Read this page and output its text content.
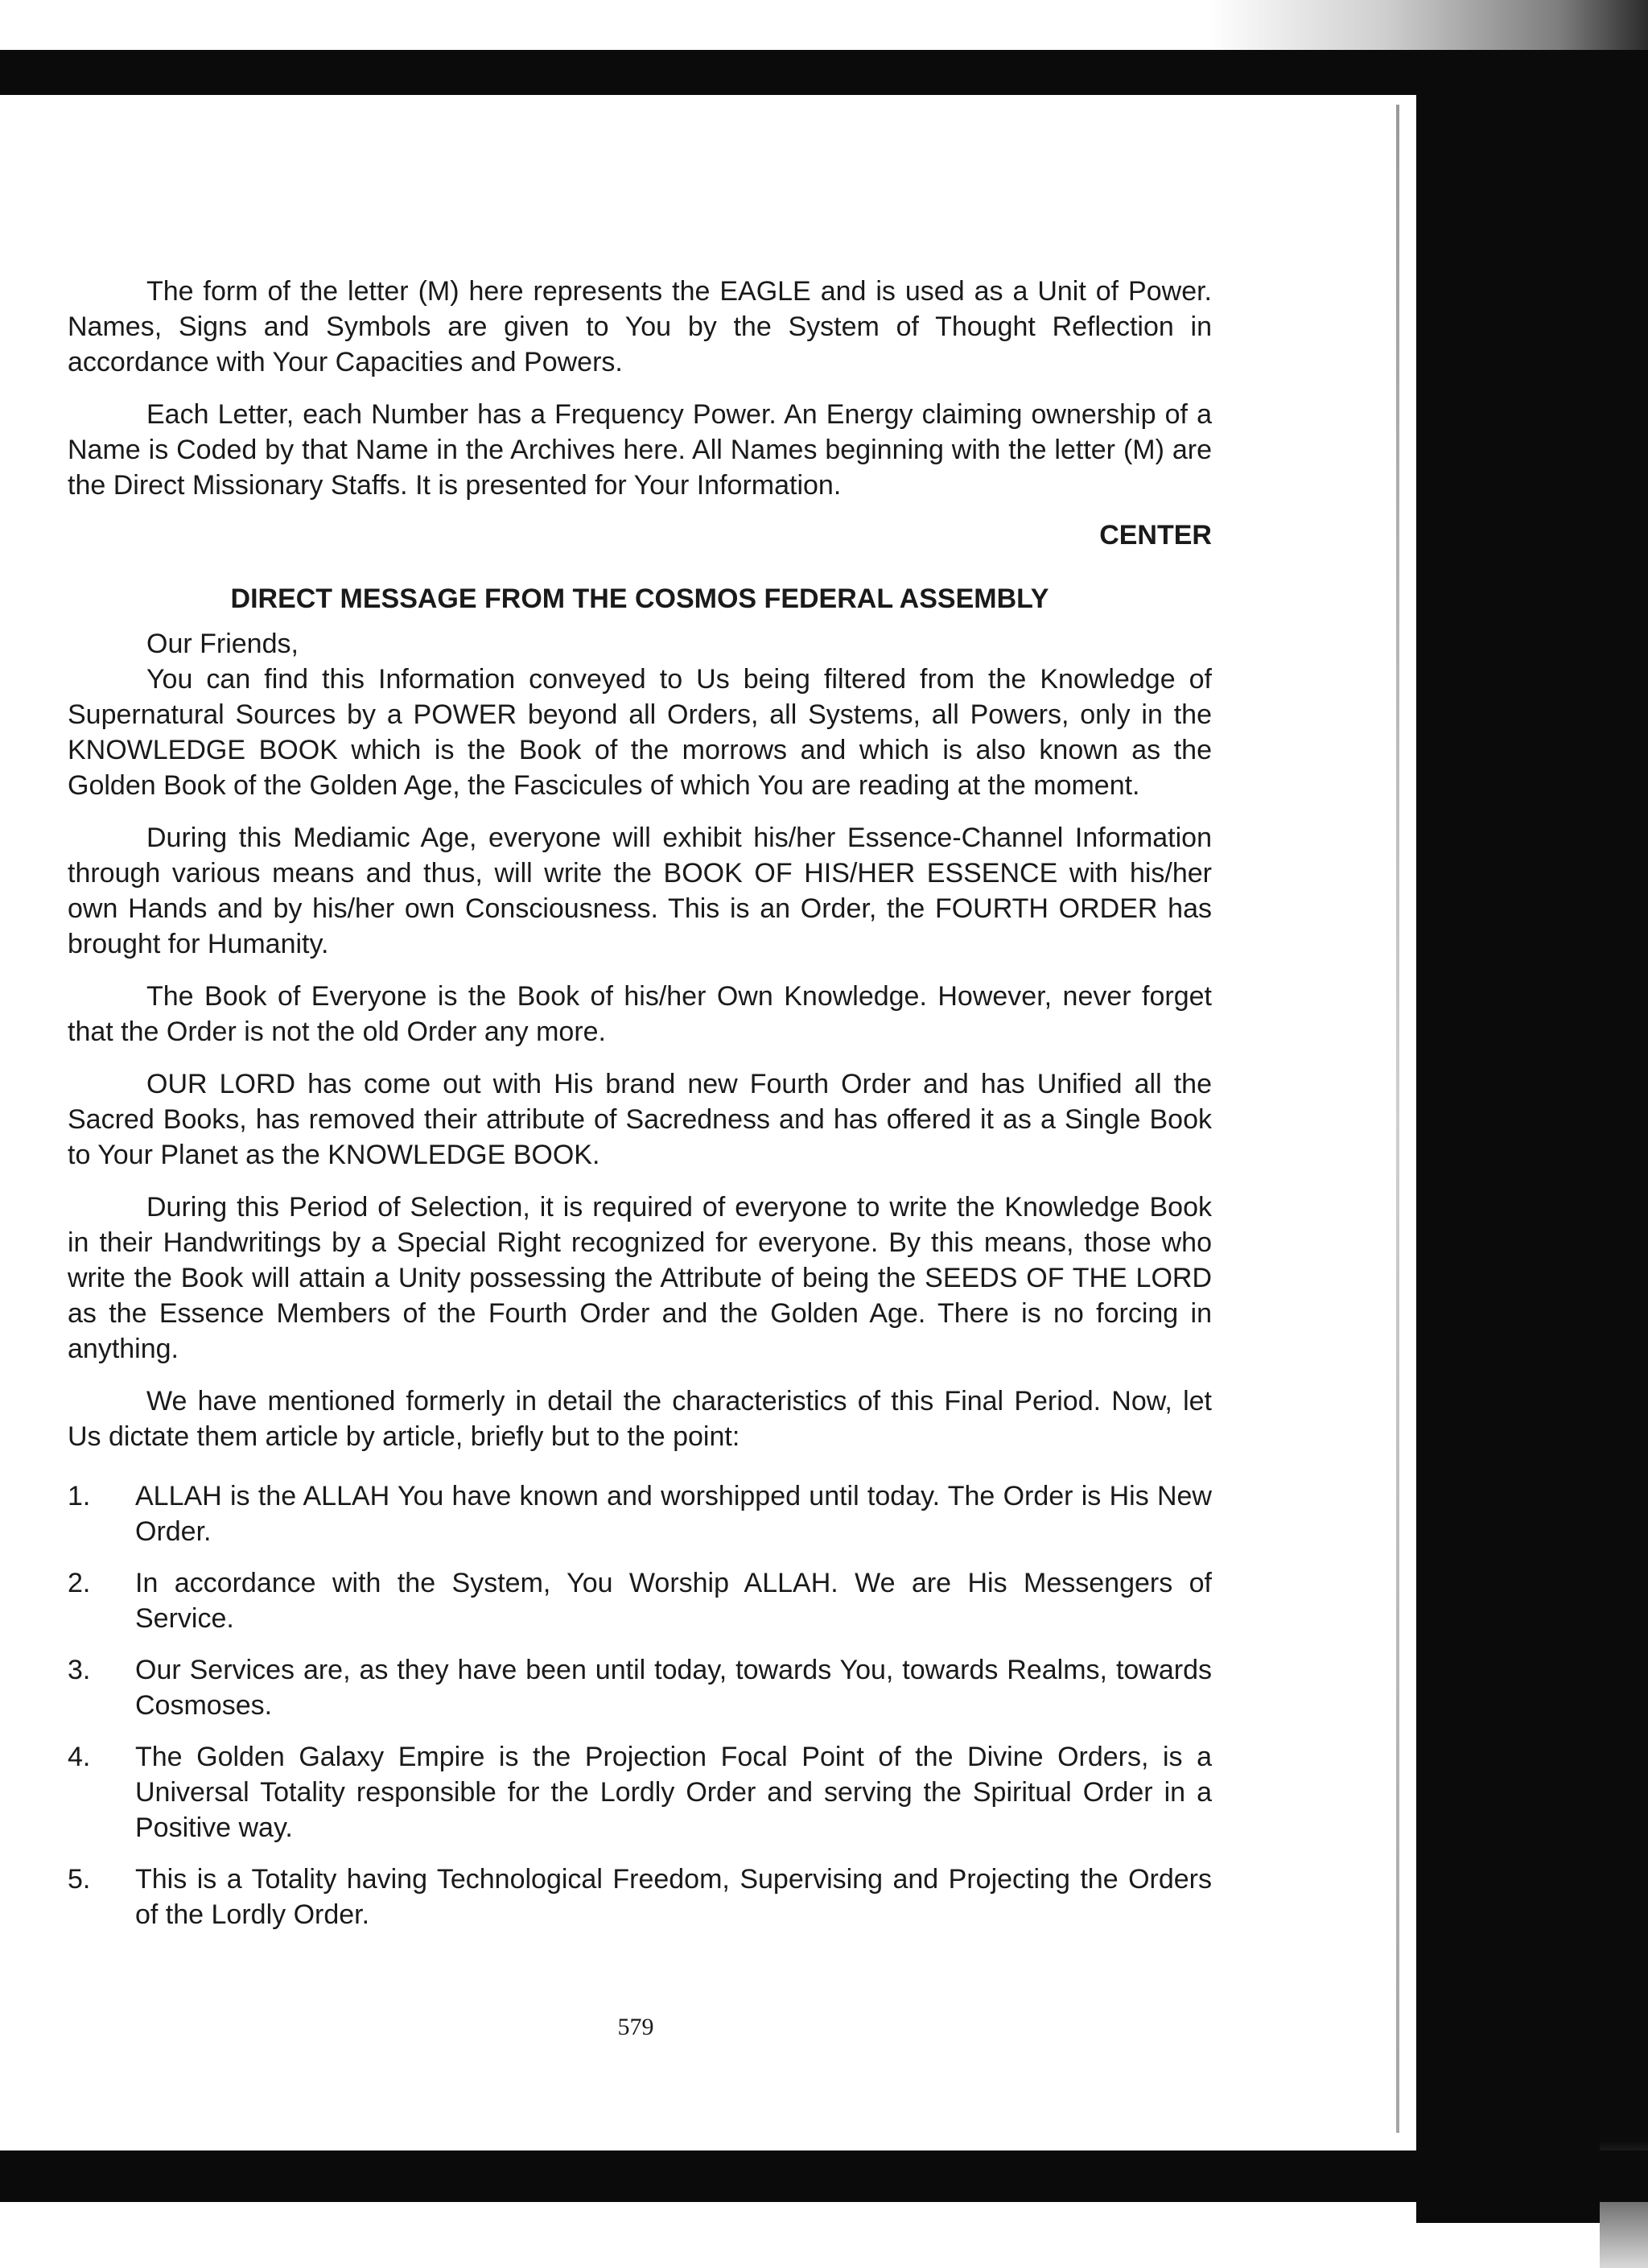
The form of the letter (M) here represents the EAGLE and is used as a Unit of Power. Names, Signs and Symbols are given to You by the System of Thought Reflection in accordance with Your Capacities and Powers.

Each Letter, each Number has a Frequency Power. An Energy claiming ownership of a Name is Coded by that Name in the Archives here. All Names beginning with the letter (M) are the Direct Missionary Staffs. It is presented for Your Information.

CENTER
DIRECT MESSAGE FROM THE COSMOS FEDERAL ASSEMBLY
Our Friends,

You can find this Information conveyed to Us being filtered from the Knowledge of Supernatural Sources by a POWER beyond all Orders, all Systems, all Powers, only in the KNOWLEDGE BOOK which is the Book of the morrows and which is also known as the Golden Book of the Golden Age, the Fascicules of which You are reading at the moment.

During this Mediamic Age, everyone will exhibit his/her Essence-Channel Information through various means and thus, will write the BOOK OF HIS/HER ESSENCE with his/her own Hands and by his/her own Consciousness. This is an Order, the FOURTH ORDER has brought for Humanity.

The Book of Everyone is the Book of his/her Own Knowledge. However, never forget that the Order is not the old Order any more.

OUR LORD has come out with His brand new Fourth Order and has Unified all the Sacred Books, has removed their attribute of Sacredness and has offered it as a Single Book to Your Planet as the KNOWLEDGE BOOK.

During this Period of Selection, it is required of everyone to write the Knowledge Book in their Handwritings by a Special Right recognized for everyone. By this means, those who write the Book will attain a Unity possessing the Attribute of being the SEEDS OF THE LORD as the Essence Members of the Fourth Order and the Golden Age. There is no forcing in anything.

We have mentioned formerly in detail the characteristics of this Final Period. Now, let Us dictate them article by article, briefly but to the point:

1.	ALLAH is the ALLAH You have known and worshipped until today. The Order is His New Order.
2.	In accordance with the System, You Worship ALLAH. We are His Messengers of Service.
3.	Our Services are, as they have been until today, towards You, towards Realms, towards Cosmoses.
4.	The Golden Galaxy Empire is the Projection Focal Point of the Divine Orders, is a Universal Totality responsible for the Lordly Order and serving the Spiritual Order in a Positive way.
5.	This is a Totality having Technological Freedom, Supervising and Projecting the Orders of the Lordly Order.
579
